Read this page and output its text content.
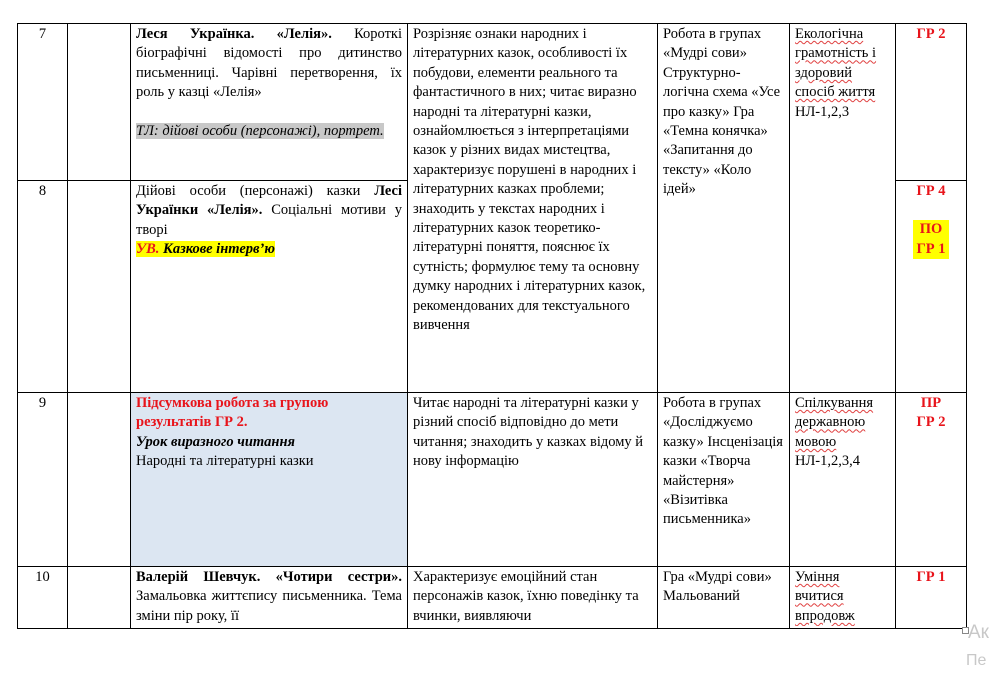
7		Леся Українка. «Лелія». Короткі біографічні відомості про дитинство письменниці. Чарівні перетворення, їх роль у казці «Лелія»
ТЛ: дійові особи (персонажі), портрет.	Розрізняє ознаки народних і літературних казок, особливості їх побудови, елементи реального та фантастичного в них; читає виразно народні та літературні казки, ознайомлюється з інтерпретаціями казок у різних видах мистецтва, характеризує порушені в народних і літературних казках проблеми; знаходить у текстах народних і літературних казок теоретико-літературні поняття, пояснює їх сутність; формулює тему та основну думку народних і літературних казок, рекомендованих для текстуального вивчення	Робота в групах «Мудрі сови» Структурно-логічна схема «Усе про казку» Гра «Темна конячка» «Запитання до тексту» «Коло ідей»	Екологічна грамотність і здоровий спосіб життя
НЛ-1,2,3	ГР 2
8		Дійові особи (персонажі) казки Лесі Українки «Лелія». Соціальні мотиви у творі
УВ. Казкове інтерв’ю				ГР 4
ПО ГР 1
9		Підсумкова робота за групою результатів ГР 2.
Урок виразного читання
Народні та літературні казки	Читає народні та літературні казки у різний спосіб відповідно до мети читання; знаходить у казках відому й нову інформацію	Робота в групах «Досліджуємо казку» Інсценізація казки «Творча майстерня» «Візитівка письменника»	Спілкування державною мовою
НЛ-1,2,3,4	ПР ГР 2
10		Валерій Шевчук. «Чотири сестри». Замальовка життєпису письменника. Тема зміни пір року, її	Характеризує емоційний стан персонажів казок, їхню поведінку та вчинки, виявляючи	Гра «Мудрі сови» Мальований	Уміння вчитися впродовж	ГР 1
Ак
Пе
